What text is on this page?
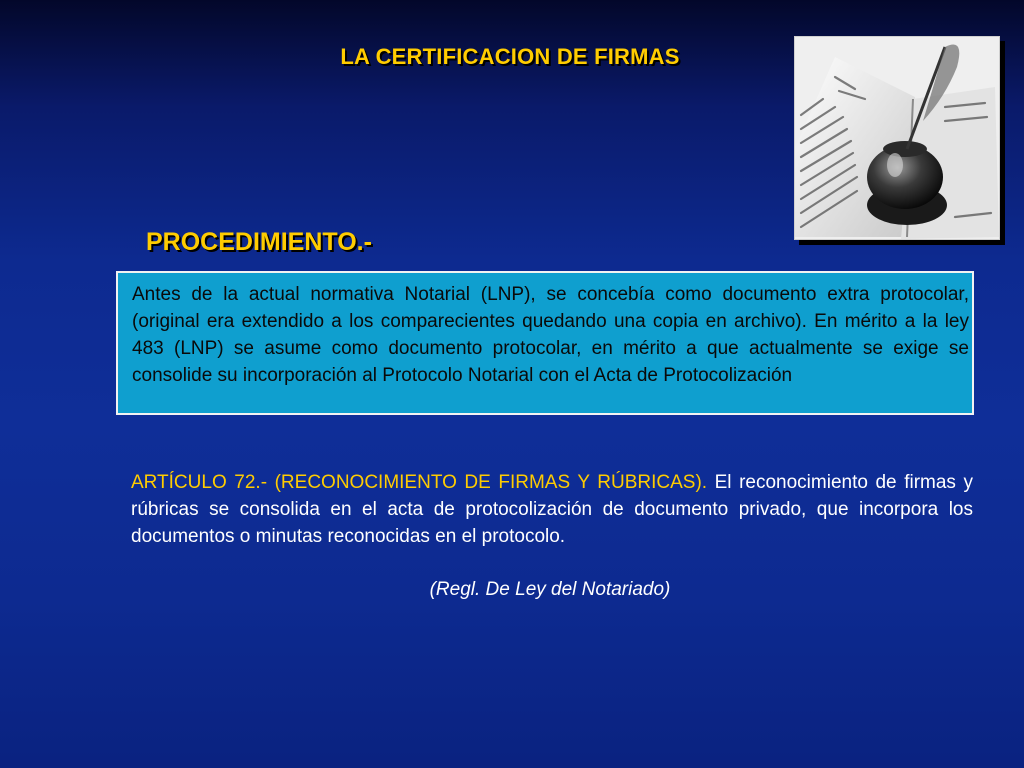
LA CERTIFICACION DE FIRMAS
PROCEDIMIENTO.-

Antes de la actual normativa Notarial (LNP), se concebía como documento extra protocolar, (original era extendido a los comparecientes quedando una copia en archivo). En mérito a la ley 483 (LNP) se asume como documento protocolar, en mérito a que actualmente se exige se consolide su incorporación al Protocolo Notarial con el Acta de Protocolización

ARTÍCULO 72.- (RECONOCIMIENTO DE FIRMAS Y RÚBRICAS). El reconocimiento de firmas y rúbricas se consolida en el acta de protocolización de documento privado, que incorpora los documentos o minutas reconocidas en el protocolo.

(Regl. De Ley del Notariado)
